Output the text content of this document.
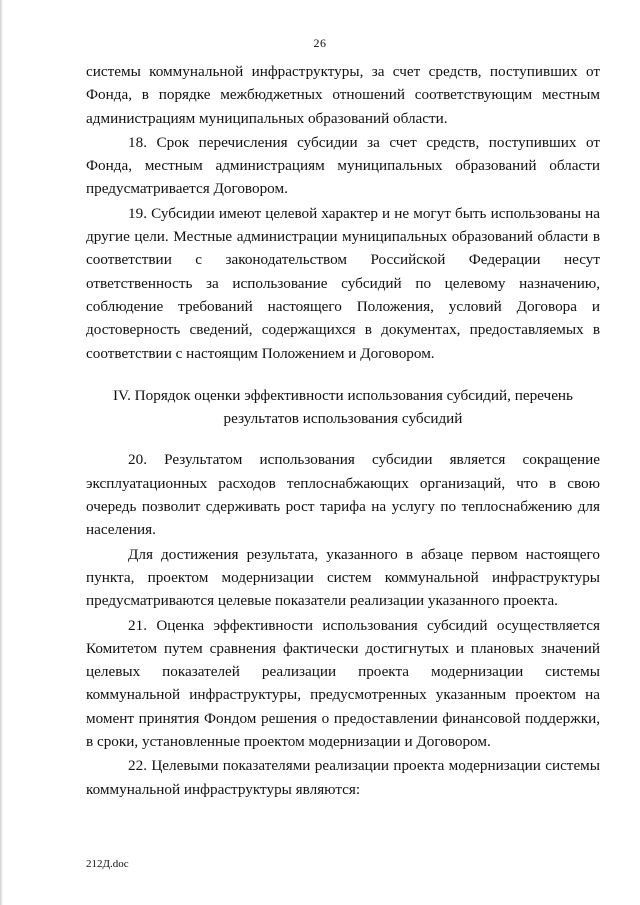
26

системы коммунальной инфраструктуры, за счет средств, поступивших от Фонда, в порядке межбюджетных отношений соответствующим местным администрациям муниципальных образований области.

18. Срок перечисления субсидии за счет средств, поступивших от Фонда, местным администрациям муниципальных образований области предусматривается Договором.

19. Субсидии имеют целевой характер и не могут быть использованы на другие цели. Местные администрации муниципальных образований области в соответствии с законодательством Российской Федерации несут ответственность за использование субсидий по целевому назначению, соблюдение требований настоящего Положения, условий Договора и достоверность сведений, содержащихся в документах, предоставляемых в соответствии с настоящим Положением и Договором.

IV. Порядок оценки эффективности использования субсидий, перечень
результатов использования субсидий

20. Результатом использования субсидии является сокращение эксплуатационных расходов теплоснабжающих организаций, что в свою очередь позволит сдерживать рост тарифа на услугу по теплоснабжению для населения.

Для достижения результата, указанного в абзаце первом настоящего пункта, проектом модернизации систем коммунальной инфраструктуры предусматриваются целевые показатели реализации указанного проекта.

21. Оценка эффективности использования субсидий осуществляется Комитетом путем сравнения фактически достигнутых и плановых значений целевых показателей реализации проекта модернизации системы коммунальной инфраструктуры, предусмотренных указанным проектом на момент принятия Фондом решения о предоставлении финансовой поддержки, в сроки, установленные проектом модернизации и Договором.

22. Целевыми показателями реализации проекта модернизации системы коммунальной инфраструктуры являются:

212Д.doc
